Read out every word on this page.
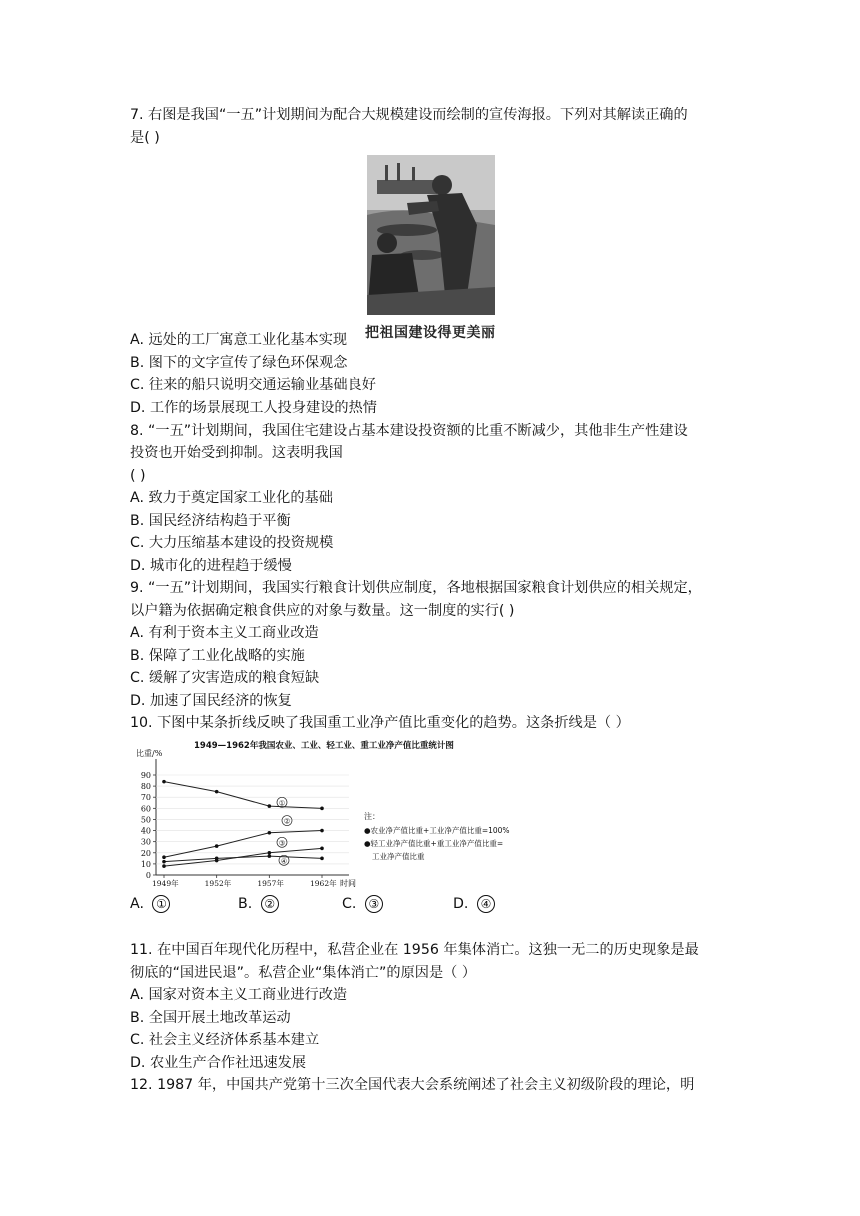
7. 右图是我国“一五”计划期间为配合大规模建设而绘制的宣传海报。下列对其解读正确的
是( )
把祖国建设得更美丽
A. 远处的工厂寓意工业化基本实现
B. 图下的文字宣传了绿色环保观念
C. 往来的船只说明交通运输业基础良好
D. 工作的场景展现工人投身建设的热情
8. “一五”计划期间，我国住宅建设占基本建设投资额的比重不断减少，其他非生产性建设
投资也开始受到抑制。这表明我国
( )
A. 致力于奠定国家工业化的基础
B. 国民经济结构趋于平衡
C. 大力压缩基本建设的投资规模
D. 城市化的进程趋于缓慢
9. “一五”计划期间，我国实行粮食计划供应制度，各地根据国家粮食计划供应的相关规定，
以户籍为依据确定粮食供应的对象与数量。这一制度的实行( )
A. 有利于资本主义工商业改造
B. 保障了工业化战略的实施
C. 缓解了灾害造成的粮食短缺
D. 加速了国民经济的恢复
10. 下图中某条折线反映了我国重工业净产值比重变化的趋势。这条折线是（ ）
1949—1962年我国农业、工业、轻工业、重工业净产值比重统计图
比重/%
0
10
20
30
40
50
60
70
80
90
1949年	1952年	1957年	1962年
①
②
③
④
时间
注：
●农业净产值比重+工业净产值比重=100%
●轻工业净产值比重+重工业净产值比重=
工业净产值比重
A. ①	B. ②	C. ③	D. ④
11. 在中国百年现代化历程中，私营企业在 1956 年集体消亡。这独一无二的历史现象是最
彻底的“国进民退”。私营企业“集体消亡”的原因是（ ）
A. 国家对资本主义工商业进行改造
B. 全国开展土地改革运动
C. 社会主义经济体系基本建立
D. 农业生产合作社迅速发展
12. 1987 年，中国共产党第十三次全国代表大会系统阐述了社会主义初级阶段的理论，明
